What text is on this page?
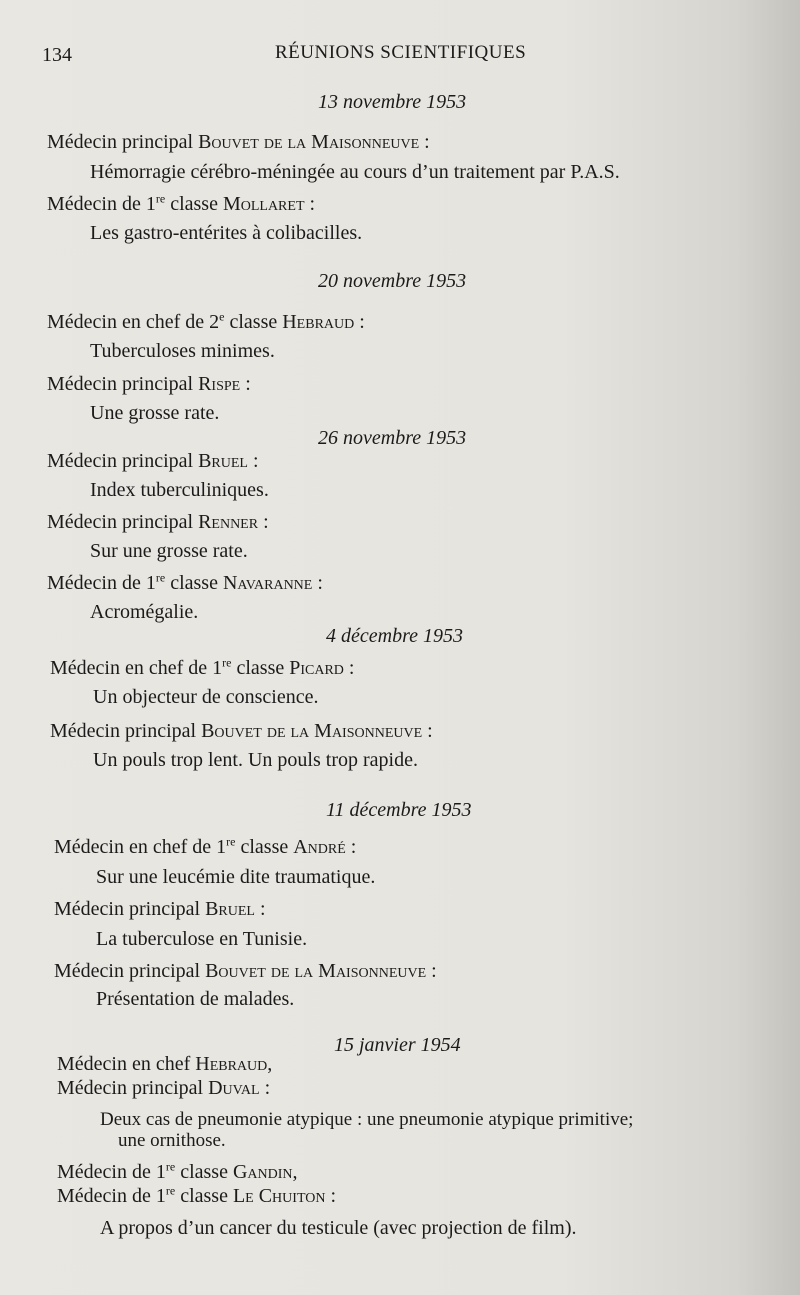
134	RÉUNIONS SCIENTIFIQUES
13 novembre 1953
Médecin principal Bouvet de la Maisonneuve :
Hémorragie cérébro-méningée au cours d’un traitement par P.A.S.
Médecin de 1re classe Mollaret :
Les gastro-entérites à colibacilles.
20 novembre 1953
Médecin en chef de 2e classe Hebraud :
Tuberculoses minimes.
Médecin principal Rispe :
Une grosse rate.
26 novembre 1953
Médecin principal Bruel :
Index tuberculiniques.
Médecin principal Renner :
Sur une grosse rate.
Médecin de 1re classe Navaranne :
Acromégalie.
4 décembre 1953
Médecin en chef de 1re classe Picard :
Un objecteur de conscience.
Médecin principal Bouvet de la Maisonneuve :
Un pouls trop lent. Un pouls trop rapide.
11 décembre 1953
Médecin en chef de 1re classe André :
Sur une leucémie dite traumatique.
Médecin principal Bruel :
La tuberculose en Tunisie.
Médecin principal Bouvet de la Maisonneuve :
Présentation de malades.
15 janvier 1954
Médecin en chef Hebraud,
Médecin principal Duval :
Deux cas de pneumonie atypique : une pneumonie atypique primitive;
une ornithose.
Médecin de 1re classe Gandin,
Médecin de 1re classe Le Chuiton :
A propos d’un cancer du testicule (avec projection de film).
